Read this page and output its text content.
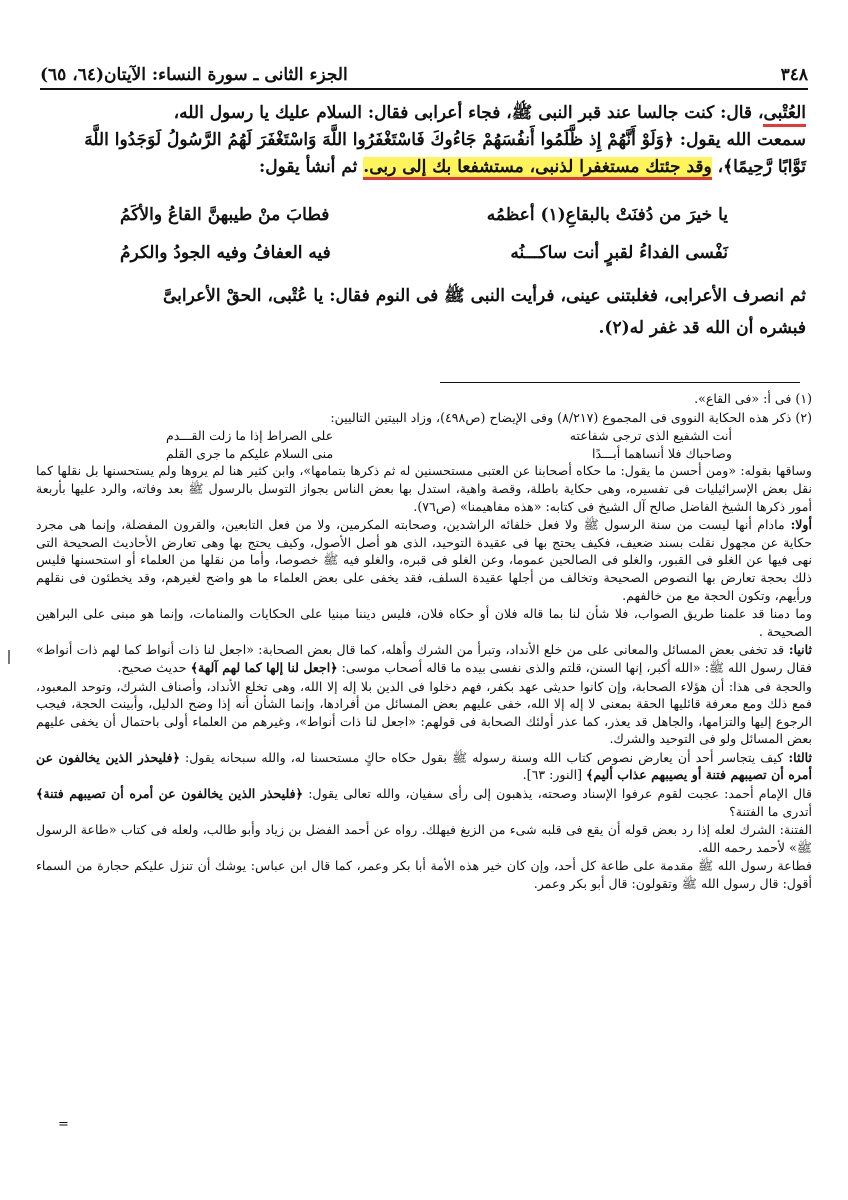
٣٤٨
الجزء الثانى ـ سورة النساء: الآيتان(٦٤، ٦٥)

العُتْبى، قال: كنت جالسا عند قبر النبى ﷺ، فجاء أعرابى فقال: السلام عليك يا رسول الله،

سمعت الله يقول: ﴿وَلَوْ أَنَّهُمْ إِذ ظَّلَمُوا أَنفُسَهُمْ جَاءُوكَ فَاسْتَغْفَرُوا اللَّهَ وَاسْتَغْفَرَ لَهُمُ الرَّسُولُ لَوَجَدُوا اللَّهَ

تَوَّابًا رَّحِيمًا﴾، وقد جئتك مستغفرا لذنبى، مستشفعا بك إلى ربى. ثم أنشأ يقول:

يا خيرَ من دُفنَتْ بالبقاعِ(١) أعظمُه
فطابَ منْ طيبهنَّ القاعُ والأكَمُ
نَفْسى الفداءُ لقبرٍ أنت ساكـــنُه
فيه العفافُ وفيه الجودُ والكرمُ

ثم انصرف الأعرابى، فغلبتنى عينى، فرأيت النبى ﷺ فى النوم فقال: يا عُتْبى، الحقْ الأعرابىَّ

فبشره أن الله قد غفر له(٢).

(١) فى أ: «فى القاع».

(٢) ذكر هذه الحكاية النووى فى المجموع (٨/٢١٧) وفى الإيضاح (ص٤٩٨)، وزاد البيتين التاليين:

أنت الشفيع الذى ترجى شفاعته
على الصراط إذا ما زلت القـــدم
وصاحباك فلا أنساهما أبـــدًا
منى السلام عليكم ما جرى القلم

وساقها بقوله: «ومن أحسن ما يقول: ما حكاه أصحابنا عن العتبى مستحسنين له ثم ذكرها بتمامها»، وابن كثير هنا لم يروها ولم يستحسنها بل نقلها كما نقل بعض الإسرائيليات فى تفسيره، وهى حكاية باطلة، وقصة واهية، استدل بها بعض الناس بجواز التوسل بالرسول ﷺ بعد وفاته، والرد عليها بأربعة أمور ذكرها الشيخ الفاضل صالح آل الشيخ فى كتابه: «هذه مفاهيمنا» (ص٧٦).

أولا: مادام أنها ليست من سنة الرسول ﷺ ولا فعل خلفائه الراشدين، وصحابته المكرمين، ولا من فعل التابعين، والقرون المفضلة، وإنما هى مجرد حكاية عن مجهول نقلت بسند ضعيف، فكيف يحتج بها فى عقيدة التوحيد، الذى هو أصل الأصول، وكيف يحتج بها وهى تعارض الأحاديث الصحيحة التى نهى فيها عن الغلو فى القبور، والغلو فى الصالحين عموما، وعن الغلو فى قبره، والغلو فيه ﷺ خصوصا، وأما من نقلها من العلماء أو استحسنها فليس ذلك بحجة تعارض بها النصوص الصحيحة وتخالف من أجلها عقيدة السلف، فقد يخفى على بعض العلماء ما هو واضح لغيرهم، وقد يخطئون فى نقلهم ورأيهم، وتكون الحجة مع من خالفهم.

وما دمنا قد علمنا طريق الصواب، فلا شأن لنا بما قاله فلان أو حكاه فلان، فليس ديننا مبنيا على الحكايات والمنامات، وإنما هو مبنى على البراهين الصحيحة .

ثانيا: قد تخفى بعض المسائل والمعانى على من خلع الأنداد، وتبرأ من الشرك وأهله، كما قال بعض الصحابة: «اجعل لنا ذات أنواط كما لهم ذات أنواط» فقال رسول الله ﷺ: «الله أكبر، إنها السنن، قلتم والذى نفسى بيده ما قاله أصحاب موسى: ﴿اجعل لنا إلها كما لهم آلهة﴾ حديث صحيح.

والحجة فى هذا: أن هؤلاء الصحابة، وإن كانوا حديثى عهد بكفر، فهم دخلوا فى الدين بلا إله إلا الله، وهى تخلع الأنداد، وأصناف الشرك، وتوحد المعبود، فمع ذلك ومع معرفة قائليها الحقة بمعنى لا إله إلا الله، خفى عليهم بعض المسائل من أفرادها، وإنما الشأن أنه إذا وضح الدليل، وأبينت الحجة، فيجب الرجوع إليها والتزامها، والجاهل قد يعذر، كما عذر أولئك الصحابة فى قولهم: «اجعل لنا ذات أنواط»، وغيرهم من العلماء أولى باحتمال أن يخفى عليهم بعض المسائل ولو فى التوحيد والشرك.

ثالثا: كيف يتجاسر أحد أن يعارض نصوص كتاب الله وسنة رسوله ﷺ بقول حكاه حاكٍ مستحسنا له، والله سبحانه يقول: ﴿فليحذر الذين يخالفون عن أمره أن تصيبهم فتنة أو يصيبهم عذاب أليم﴾ [النور: ٦٣].

قال الإمام أحمد: عجبت لقوم عرفوا الإسناد وصحته، يذهبون إلى رأى سفيان، والله تعالى يقول: ﴿فليحذر الذين يخالفون عن أمره أن تصيبهم فتنة﴾ أتدرى ما الفتنة؟

الفتنة: الشرك لعله إذا رد بعض قوله أن يقع فى قلبه شىء من الزيغ فيهلك. رواه عن أحمد الفضل بن زياد وأبو طالب، ولعله فى كتاب «طاعة الرسول ﷺ» لأحمد رحمه الله.

فطاعة رسول الله ﷺ مقدمة على طاعة كل أحد، وإن كان خير هذه الأمة أبا بكر وعمر، كما قال ابن عباس: يوشك أن تنزل عليكم حجارة من السماء أقول: قال رسول الله ﷺ وتقولون: قال أبو بكر وعمر.

=
